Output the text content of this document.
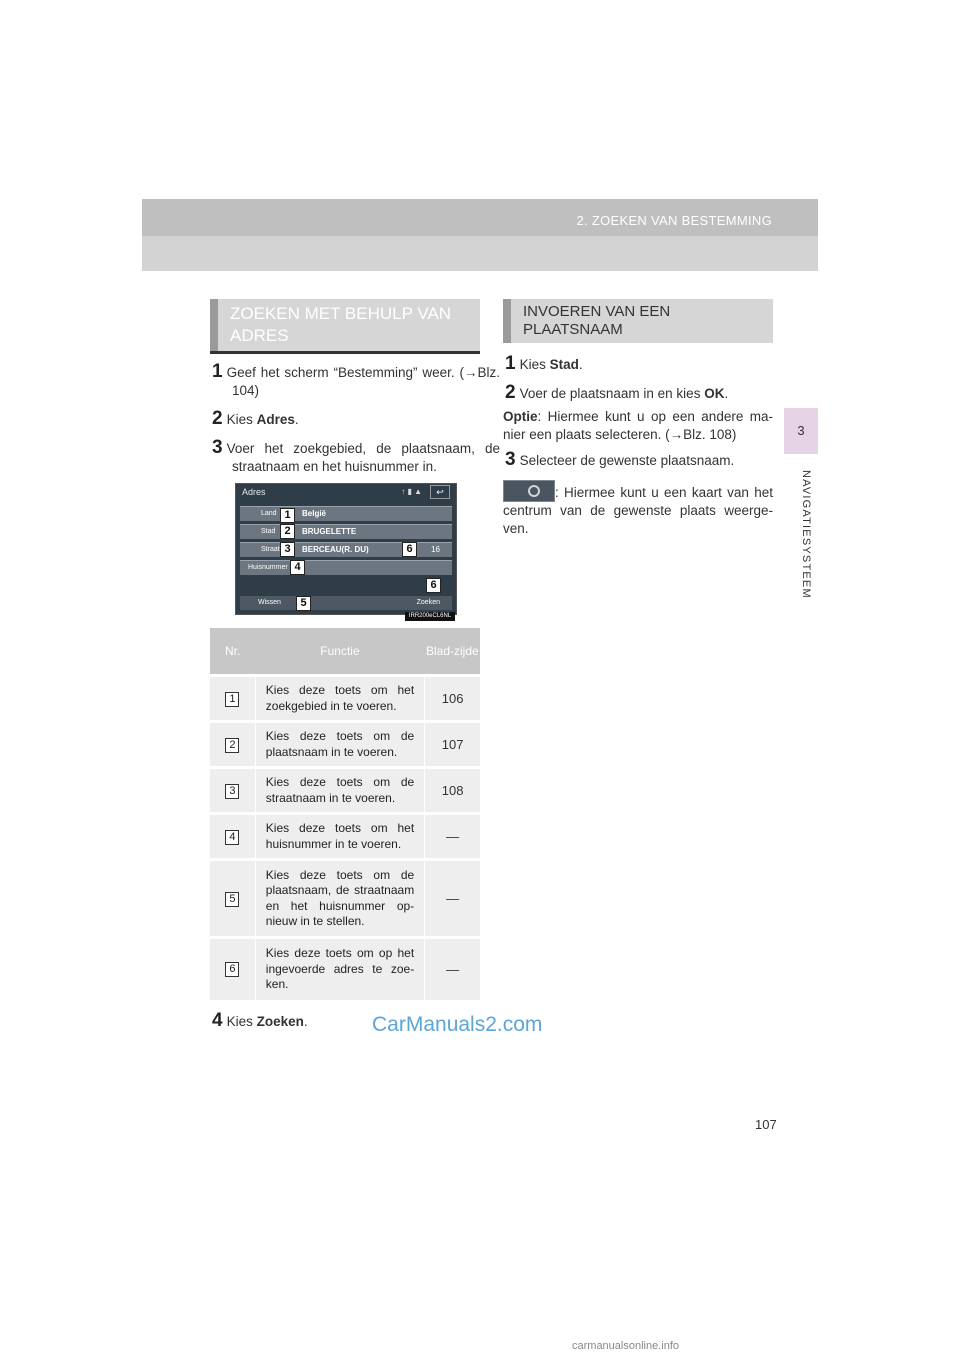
2. ZOEKEN VAN BESTEMMING
3
NAVIGATIESYSTEEM
ZOEKEN MET BEHULP VAN ADRES
1 Geef het scherm “Bestemming” weer. (→Blz. 104)
2 Kies Adres.
3 Voer het zoekgebied, de plaatsnaam, de straatnaam en het huisnummer in.
Adres	↑ ▮ ▲	↩
Land	België
Stad	BRUGELETTE
Straat	BERCEAU(R. DU)	16
Huisnummer
Wissen	Zoeken
1
2
3
4
5
6
6
IRR200eCL6NL
Nr.	Functie	Blad-zijde
1	Kies deze toets om het zoekgebied in te voeren.	106
2	Kies deze toets om de plaatsnaam in te voeren.	107
3	Kies deze toets om de straatnaam in te voeren.	108
4	Kies deze toets om het huisnummer in te voeren.	—
5	Kies deze toets om de plaatsnaam, de straatnaam en het huisnummer op-nieuw in te stellen.	—
6	Kies deze toets om op het ingevoerde adres te zoe-ken.	—
4 Kies Zoeken.
INVOEREN VAN EEN PLAATSNAAM
1 Kies Stad.
2 Voer de plaatsnaam in en kies OK.
Optie: Hiermee kunt u op een andere ma-nier een plaats selecteren. (→Blz. 108)
3 Selecteer de gewenste plaatsnaam.
: Hiermee kunt u een kaart van het centrum van de gewenste plaats weerge-ven.
CarManuals2.com
107
carmanualsonline.info
